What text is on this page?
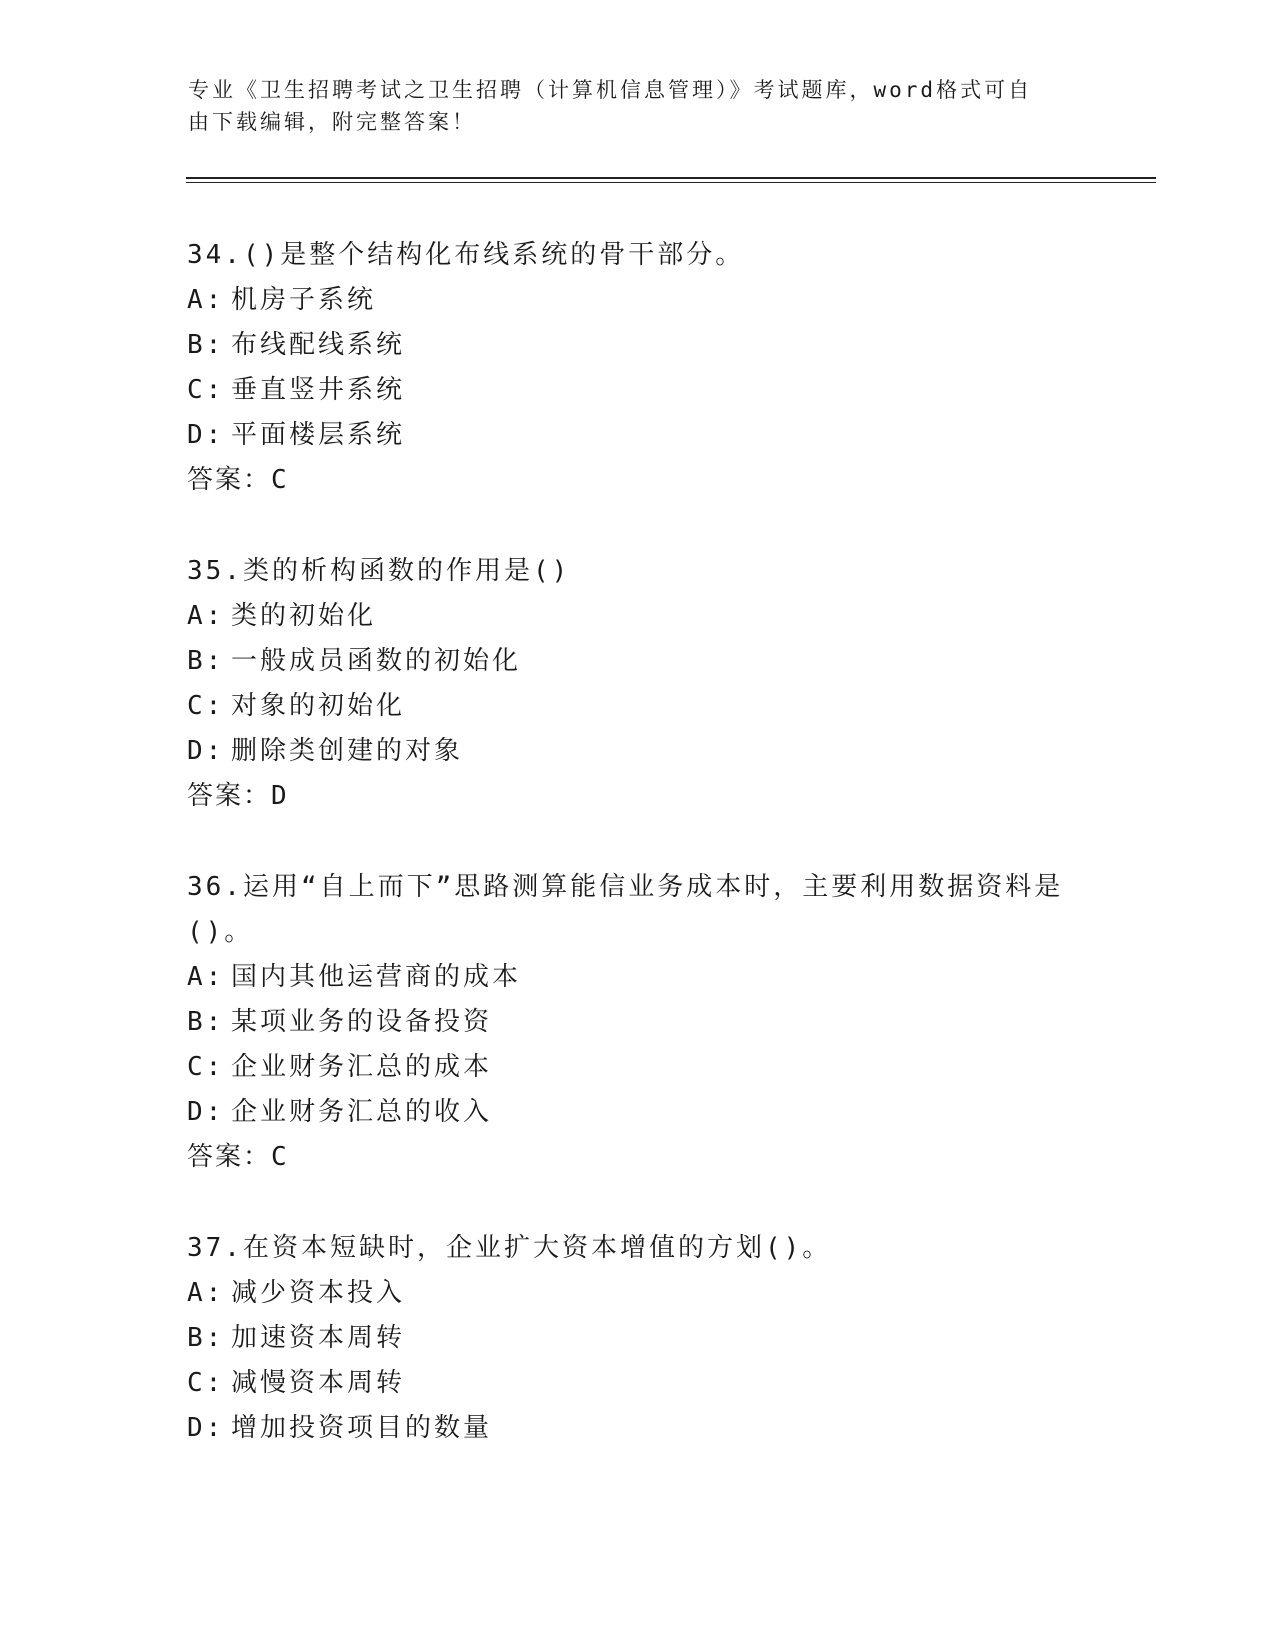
专业《卫生招聘考试之卫生招聘（计算机信息管理）》考试题库，word格式可自
由下载编辑，附完整答案！
34.()是整个结构化布线系统的骨干部分。
A: 机房子系统
B: 布线配线系统
C: 垂直竖井系统
D: 平面楼层系统
答案：C
35.类的析构函数的作用是()
A: 类的初始化
B: 一般成员函数的初始化
C: 对象的初始化
D: 删除类创建的对象
答案：D
36.运用“自上而下”思路测算能信业务成本时，主要利用数据资料是()。
A: 国内其他运营商的成本
B: 某项业务的设备投资
C: 企业财务汇总的成本
D: 企业财务汇总的收入
答案：C
37.在资本短缺时，企业扩大资本增值的方划()。
A: 减少资本投入
B: 加速资本周转
C: 减慢资本周转
D: 增加投资项目的数量
